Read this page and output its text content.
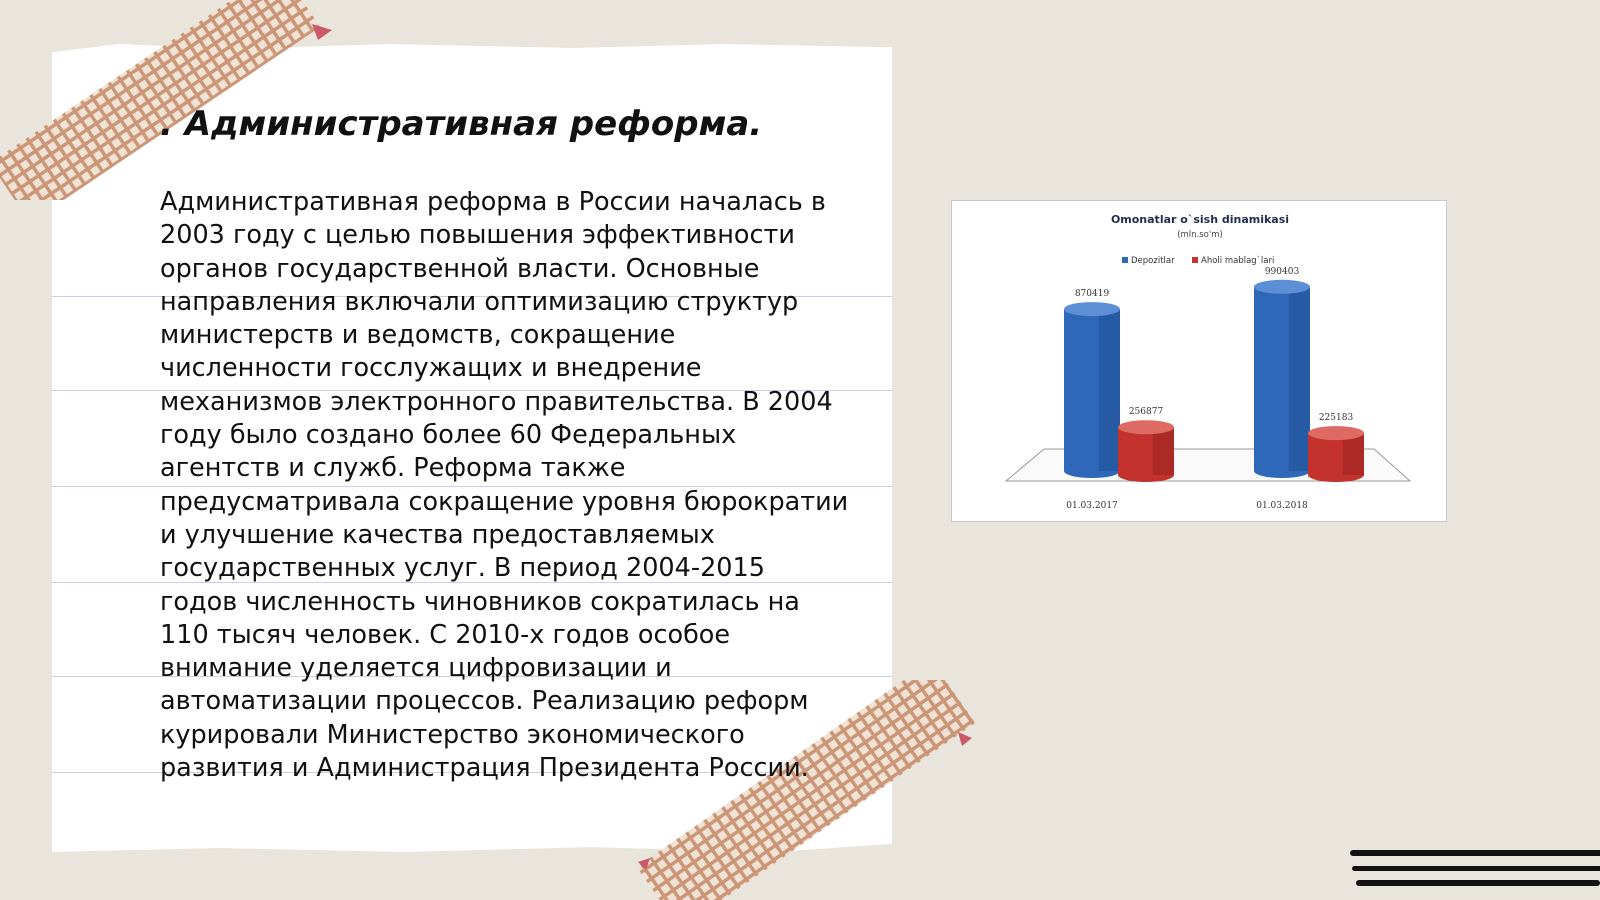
. Административная реформа.

Административная реформа в России началась в 2003 году с целью повышения эффективности органов государственной власти. Основные направления включали оптимизацию структур министерств и ведомств, сокращение численности госслужащих и внедрение механизмов электронного правительства. В 2004 году было создано более 60 Федеральных агентств и служб. Реформа также предусматривала сокращение уровня бюрократии и улучшение качества предоставляемых государственных услуг. В период 2004-2015 годов численность чиновников сократилась на 110 тысяч человек. С 2010-х годов особое внимание уделяется цифровизации и автоматизации процессов. Реализацию реформ курировали Министерство экономического развития и Администрация Президента России.

Omonatlar o`sish dinamikasi
(mln.so'm)
Depozitlar	Aholi mablag`lari
870419
256877
990403
225183
01.03.2017	01.03.2018
